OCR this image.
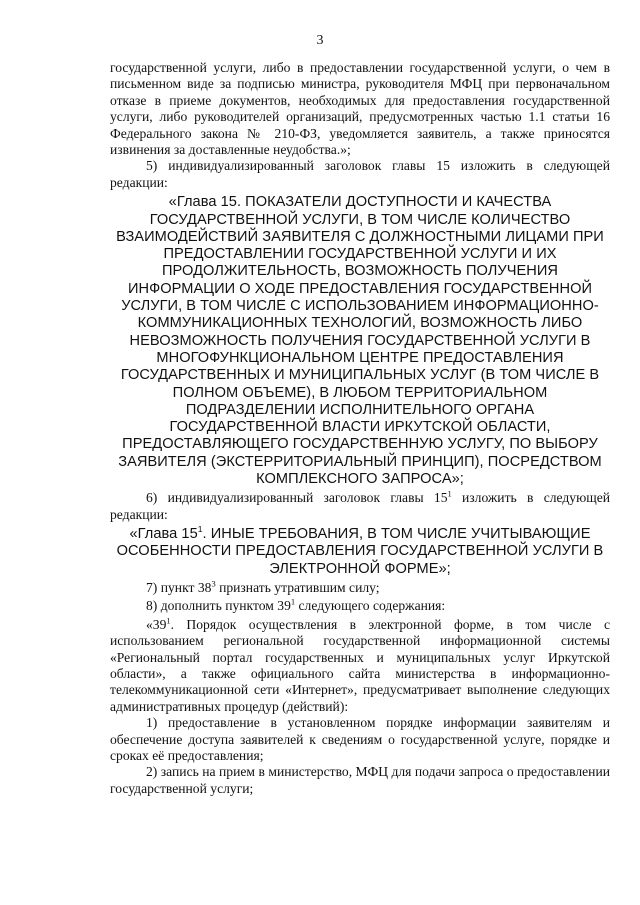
3

государственной услуги, либо в предоставлении государственной услуги, о чем в письменном виде за подписью министра, руководителя МФЦ при первоначальном отказе в приеме документов, необходимых для предоставления государственной услуги, либо руководителей организаций, предусмотренных частью 1.1 статьи 16 Федерального закона № 210-ФЗ, уведомляется заявитель, а также приносятся извинения за доставленные неудобства.»;

5) индивидуализированный заголовок главы 15 изложить в следующей редакции:

«Глава 15. ПОКАЗАТЕЛИ ДОСТУПНОСТИ И КАЧЕСТВА ГОСУДАРСТВЕННОЙ УСЛУГИ, В ТОМ ЧИСЛЕ КОЛИЧЕСТВО ВЗАИМОДЕЙСТВИЙ ЗАЯВИТЕЛЯ С ДОЛЖНОСТНЫМИ ЛИЦАМИ ПРИ ПРЕДОСТАВЛЕНИИ ГОСУДАРСТВЕННОЙ УСЛУГИ И ИХ ПРОДОЛЖИТЕЛЬНОСТЬ, ВОЗМОЖНОСТЬ ПОЛУЧЕНИЯ ИНФОРМАЦИИ О ХОДЕ ПРЕДОСТАВЛЕНИЯ ГОСУДАРСТВЕННОЙ УСЛУГИ, В ТОМ ЧИСЛЕ С ИСПОЛЬЗОВАНИЕМ ИНФОРМАЦИОННО-КОММУНИКАЦИОННЫХ ТЕХНОЛОГИЙ, ВОЗМОЖНОСТЬ ЛИБО НЕВОЗМОЖНОСТЬ ПОЛУЧЕНИЯ ГОСУДАРСТВЕННОЙ УСЛУГИ В МНОГОФУНКЦИОНАЛЬНОМ ЦЕНТРЕ ПРЕДОСТАВЛЕНИЯ ГОСУДАРСТВЕННЫХ И МУНИЦИПАЛЬНЫХ УСЛУГ (В ТОМ ЧИСЛЕ В ПОЛНОМ ОБЪЕМЕ), В ЛЮБОМ ТЕРРИТОРИАЛЬНОМ ПОДРАЗДЕЛЕНИИ ИСПОЛНИТЕЛЬНОГО ОРГАНА ГОСУДАРСТВЕННОЙ ВЛАСТИ ИРКУТСКОЙ ОБЛАСТИ, ПРЕДОСТАВЛЯЮЩЕГО ГОСУДАРСТВЕННУЮ УСЛУГУ, ПО ВЫБОРУ ЗАЯВИТЕЛЯ (ЭКСТЕРРИТОРИАЛЬНЫЙ ПРИНЦИП), ПОСРЕДСТВОМ КОМПЛЕКСНОГО ЗАПРОСА»;

6) индивидуализированный заголовок главы $15^1$ изложить в следующей редакции:

«Глава $15^1$. ИНЫЕ ТРЕБОВАНИЯ, В ТОМ ЧИСЛЕ УЧИТЫВАЮЩИЕ ОСОБЕННОСТИ ПРЕДОСТАВЛЕНИЯ ГОСУДАРСТВЕННОЙ УСЛУГИ В ЭЛЕКТРОННОЙ ФОРМЕ»;

7) пункт $38^3$ признать утратившим силу;

8) дополнить пунктом $39^1$ следующего содержания:

«$39^1$. Порядок осуществления в электронной форме, в том числе с использованием региональной государственной информационной системы «Региональный портал государственных и муниципальных услуг Иркутской области», а также официального сайта министерства в информационно-телекоммуникационной сети «Интернет», предусматривает выполнение следующих административных процедур (действий):

1) предоставление в установленном порядке информации заявителям и обеспечение доступа заявителей к сведениям о государственной услуге, порядке и сроках её предоставления;

2) запись на прием в министерство, МФЦ для подачи запроса о предоставлении государственной услуги;
